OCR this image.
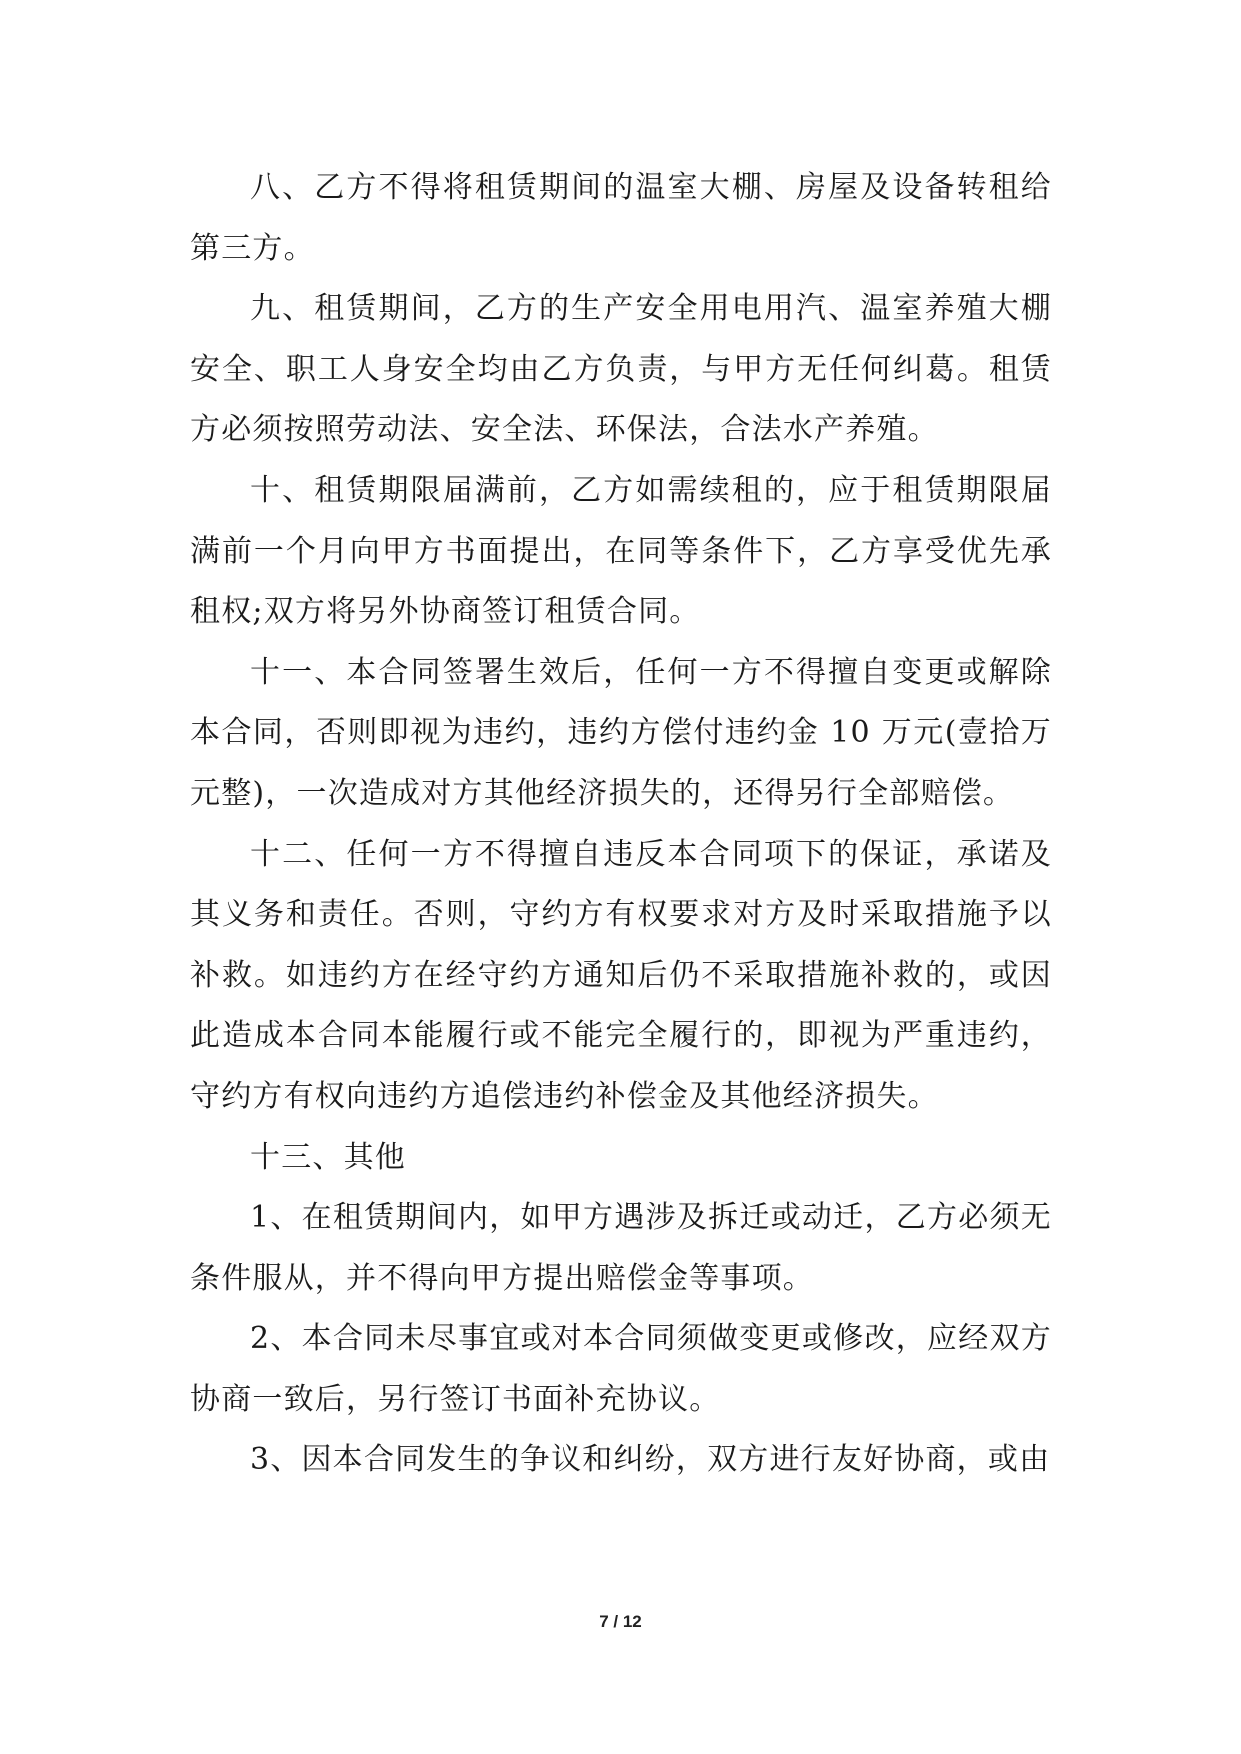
八、乙方不得将租赁期间的温室大棚、房屋及设备转租给第三方。

九、租赁期间，乙方的生产安全用电用汽、温室养殖大棚安全、职工人身安全均由乙方负责，与甲方无任何纠葛。租赁方必须按照劳动法、安全法、环保法，合法水产养殖。

十、租赁期限届满前，乙方如需续租的，应于租赁期限届满前一个月向甲方书面提出，在同等条件下，乙方享受优先承租权;双方将另外协商签订租赁合同。

十一、本合同签署生效后，任何一方不得擅自变更或解除本合同，否则即视为违约，违约方偿付违约金 10 万元(壹拾万元整)，一次造成对方其他经济损失的，还得另行全部赔偿。

十二、任何一方不得擅自违反本合同项下的保证，承诺及其义务和责任。否则，守约方有权要求对方及时采取措施予以补救。如违约方在经守约方通知后仍不采取措施补救的，或因此造成本合同本能履行或不能完全履行的，即视为严重违约，守约方有权向违约方追偿违约补偿金及其他经济损失。

十三、其他

1、在租赁期间内，如甲方遇涉及拆迁或动迁，乙方必须无条件服从，并不得向甲方提出赔偿金等事项。

2、本合同未尽事宜或对本合同须做变更或修改，应经双方协商一致后，另行签订书面补充协议。

3、因本合同发生的争议和纠纷，双方进行友好协商，或由

7 / 12
